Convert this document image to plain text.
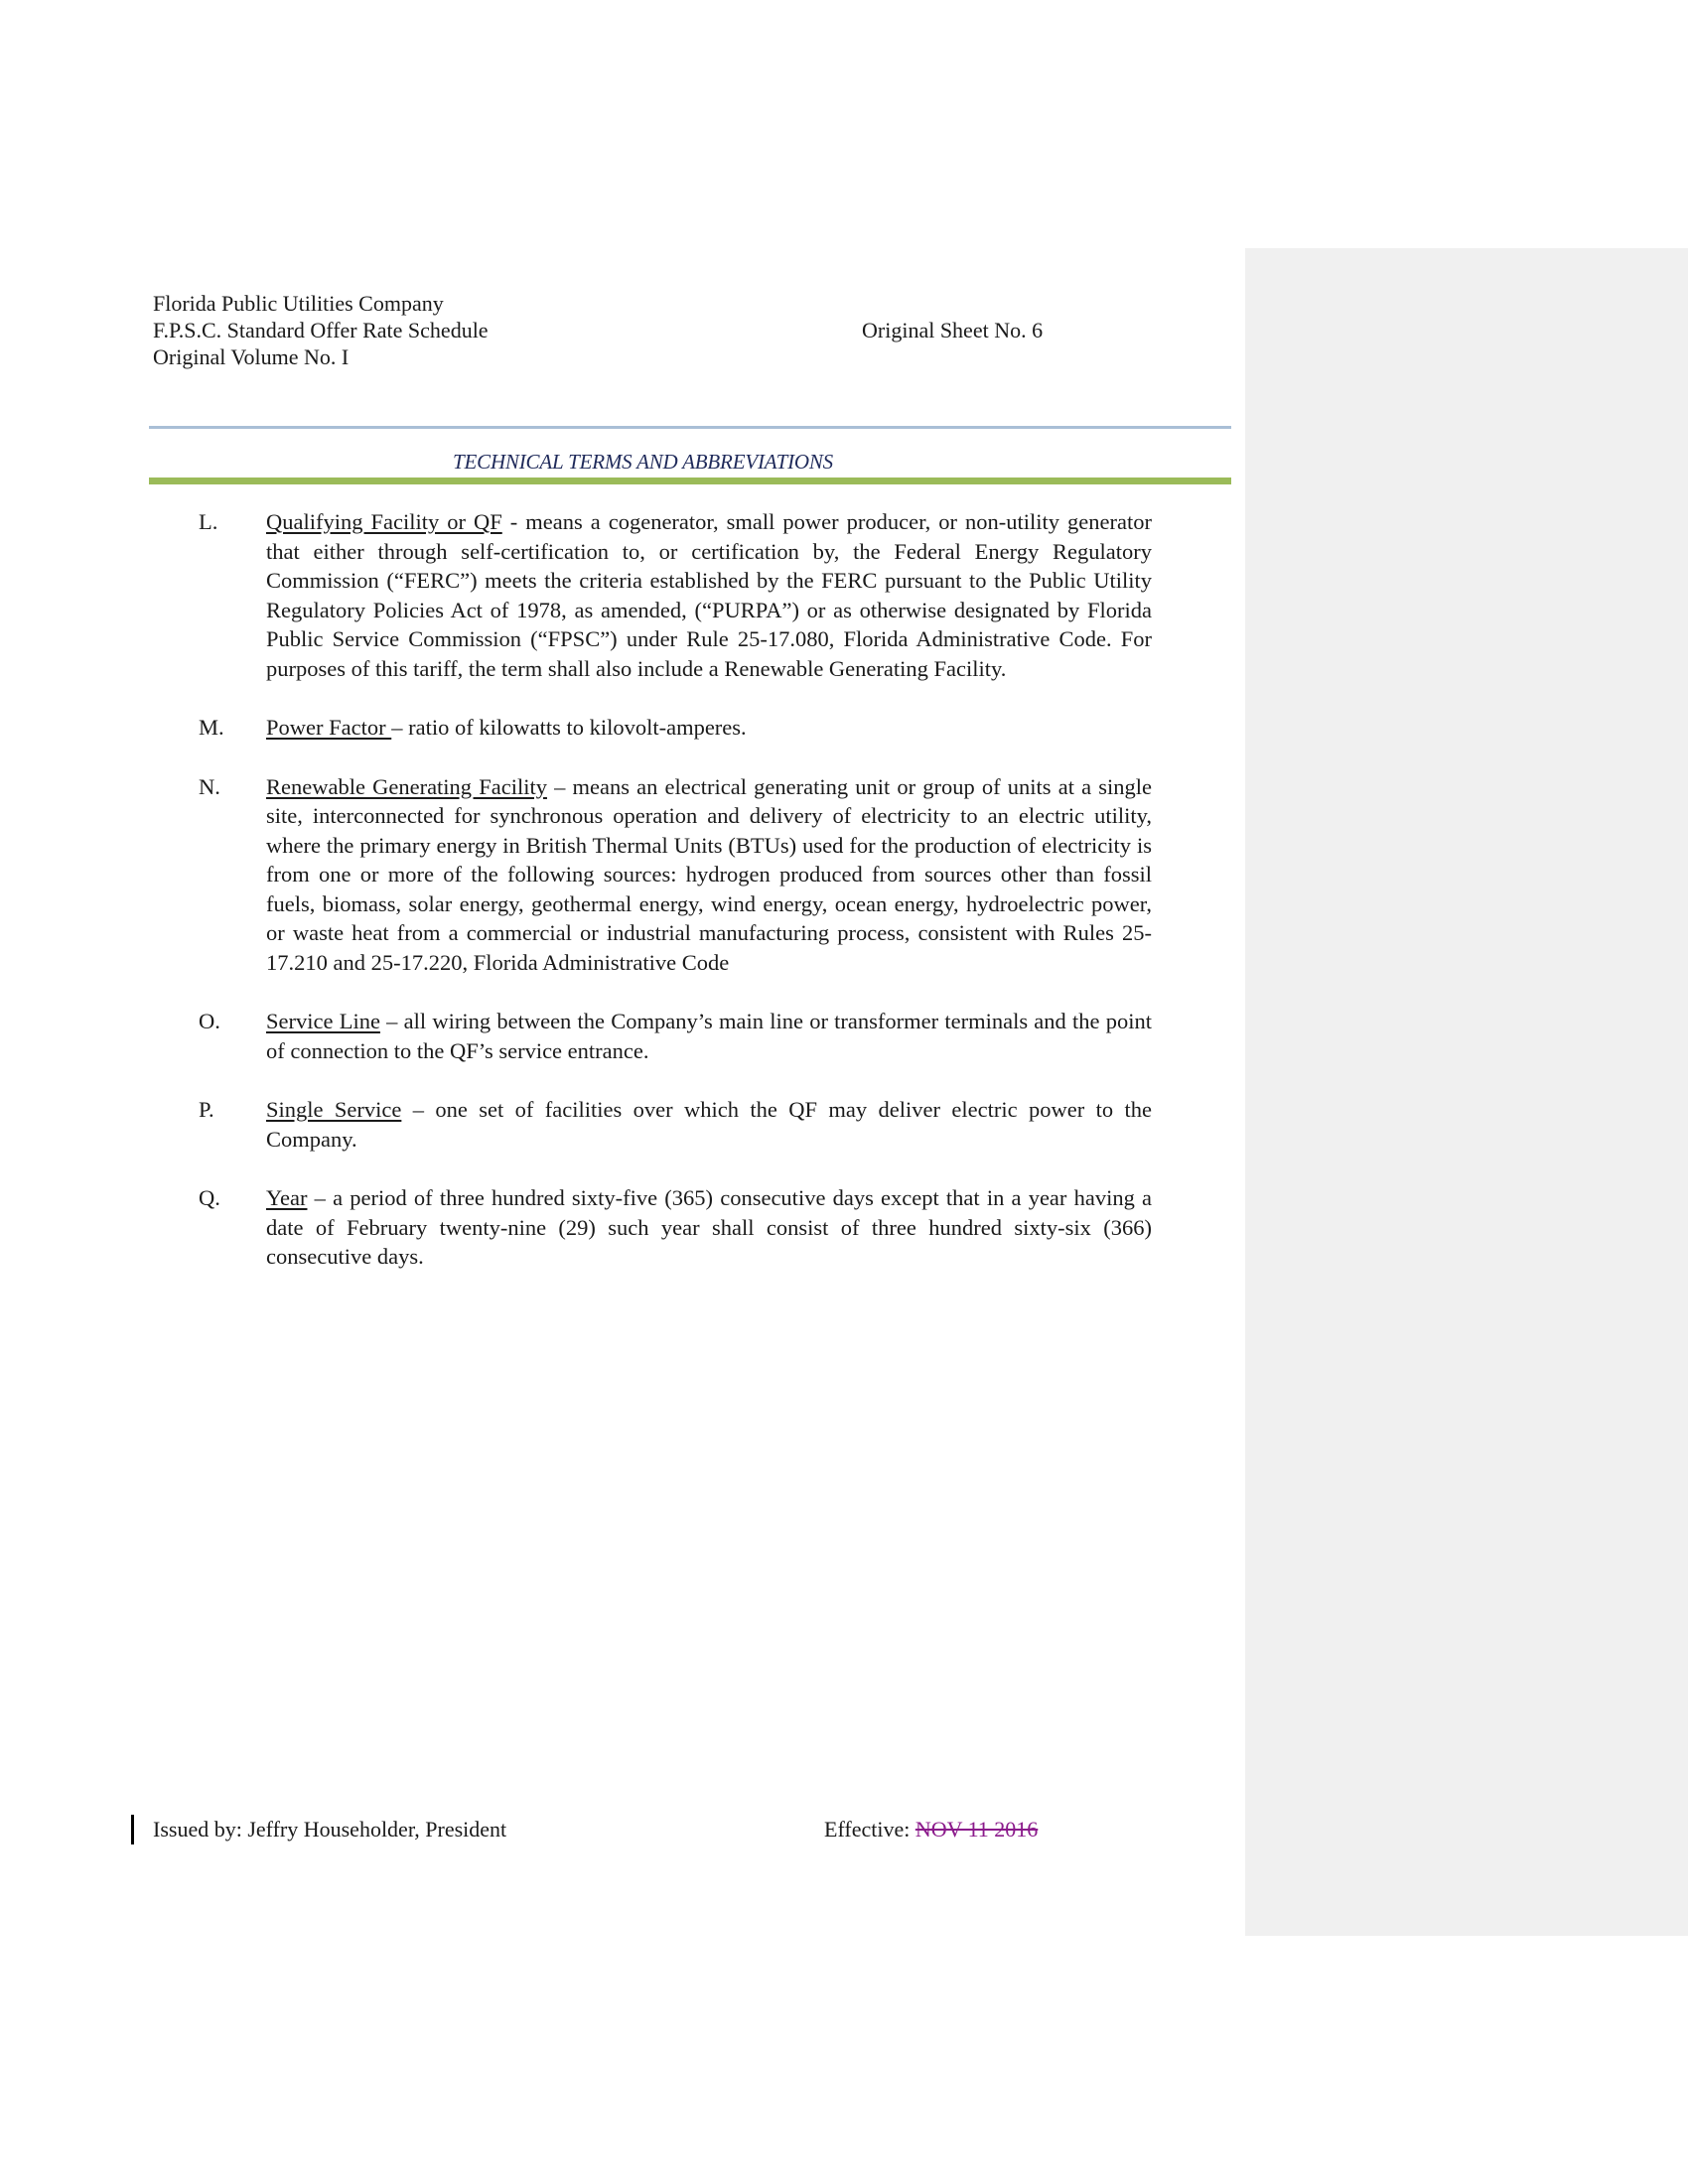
Florida Public Utilities Company
F.P.S.C. Standard Offer Rate Schedule
Original Volume No. I
Original Sheet No. 6
TECHNICAL TERMS AND ABBREVIATIONS
L.	Qualifying Facility or QF - means a cogenerator, small power producer, or non-utility generator that either through self-certification to, or certification by, the Federal Energy Regulatory Commission (“FERC”) meets the criteria established by the FERC pursuant to the Public Utility Regulatory Policies Act of 1978, as amended, (“PURPA”) or as otherwise designated by Florida Public Service Commission (“FPSC”) under Rule 25-17.080, Florida Administrative Code. For purposes of this tariff, the term shall also include a Renewable Generating Facility.
M.	Power Factor – ratio of kilowatts to kilovolt-amperes.
N.	Renewable Generating Facility – means an electrical generating unit or group of units at a single site, interconnected for synchronous operation and delivery of electricity to an electric utility, where the primary energy in British Thermal Units (BTUs) used for the production of electricity is from one or more of the following sources: hydrogen produced from sources other than fossil fuels, biomass, solar energy, geothermal energy, wind energy, ocean energy, hydroelectric power, or waste heat from a commercial or industrial manufacturing process, consistent with Rules 25-17.210 and 25-17.220, Florida Administrative Code
O.	Service Line – all wiring between the Company’s main line or transformer terminals and the point of connection to the QF’s service entrance.
P.	Single Service – one set of facilities over which the QF may deliver electric power to the Company.
Q.	Year – a period of three hundred sixty-five (365) consecutive days except that in a year having a date of February twenty-nine (29) such year shall consist of three hundred sixty-six (366) consecutive days.
Issued by: Jeffry Householder, President	Effective: NOV 11 2016
